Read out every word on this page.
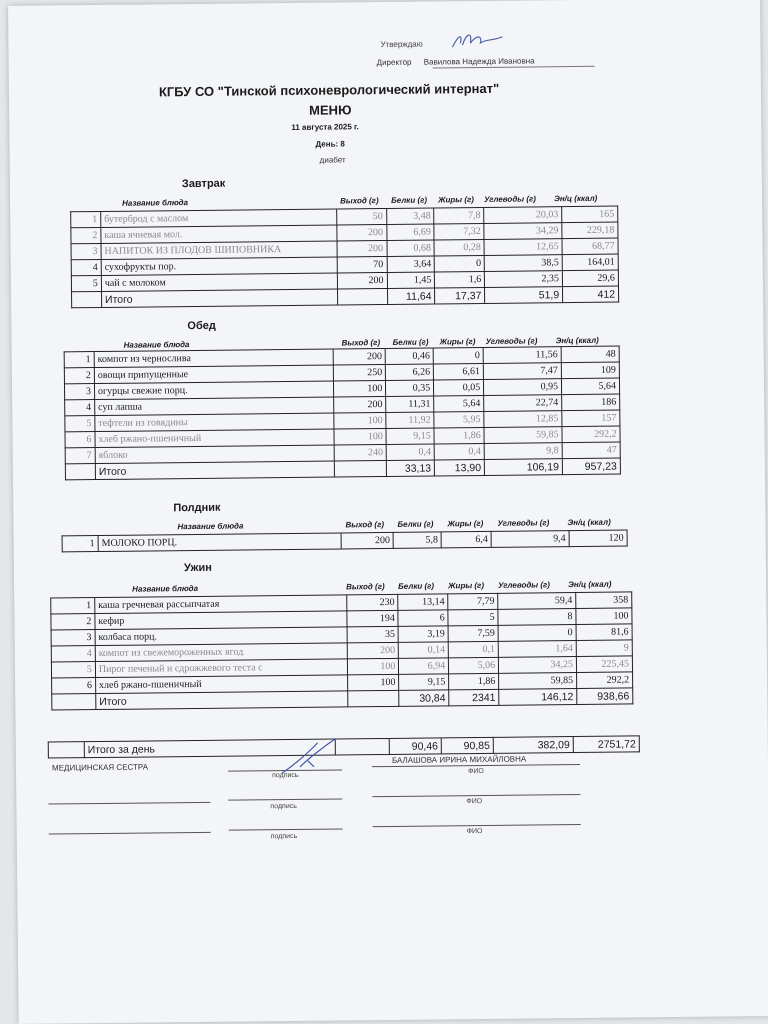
Утверждаю
Директор Вавилова Надежда Ивановна
КГБУ СО "Тинской психоневрологический интернат"
МЕНЮ
11 августа 2025 г.
День: 8
диабет
Завтрак
Название блюда	Выход (г) Белки (г) Жиры (г) Углеводы (г) Эн/ц (ккал)
1	бутерброд с маслом	50	3,48	7,8	20,03	165
2	каша ячневая мол.	200	6,69	7,32	34,29	229,18
3	НАПИТОК ИЗ ПЛОДОВ ШИПОВНИКА	200	0,68	0,28	12,65	68,77
4	сухофрукты пор.	70	3,64	0	38,5	164,01
5	чай с молоком	200	1,45	1,6	2,35	29,6
	Итого		11,64	17,37	51,9	412
Обед
Название блюда	Выход (г) Белки (г) Жиры (г) Углеводы (г) Эн/ц (ккал)
1	компот из чернослива	200	0,46	0	11,56	48
2	овощи припущенные	250	6,26	6,61	7,47	109
3	огурцы свежие порц.	100	0,35	0,05	0,95	5,64
4	суп лапша	200	11,31	5,64	22,74	186
5	тефтели из говядины	100	11,92	5,95	12,85	157
6	хлеб ржано-пшеничный	100	9,15	1,86	59,85	292,2
7	яблоко	240	0,4	0,4	9,8	47
	Итого		33,13	13,90	106,19	957,23
Полдник
Название блюда	Выход (г) Белки (г) Жиры (г) Углеводы (г) Эн/ц (ккал)
1	МОЛОКО ПОРЦ.	200	5,8	6,4	9,4	120
Ужин
Название блюда	Выход (г) Белки (г) Жиры (г) Углеводы (г) Эн/ц (ккал)
1	каша гречневая рассыпчатая	230	13,14	7,79	59,4	358
2	кефир	194	6	5	8	100
3	колбаса порц.	35	3,19	7,59	0	81,6
4	компот из свежемороженных ягод	200	0,14	0,1	1,64	9
5	Пирог печеный и сдрожжевого теста с	100	6,94	5,06	34,25	225,45
6	хлеб ржано-пшеничный	100	9,15	1,86	59,85	292,2
	Итого		30,84	2341	146,12	938,66
	Итого за день		90,46	90,85	382,09	2751,72
МЕДИЦИНСКАЯ СЕСТРА
БАЛАШОВА ИРИНА МИХАЙЛОВНА
подпись
ФИО
подпись
ФИО
подпись
ФИО
